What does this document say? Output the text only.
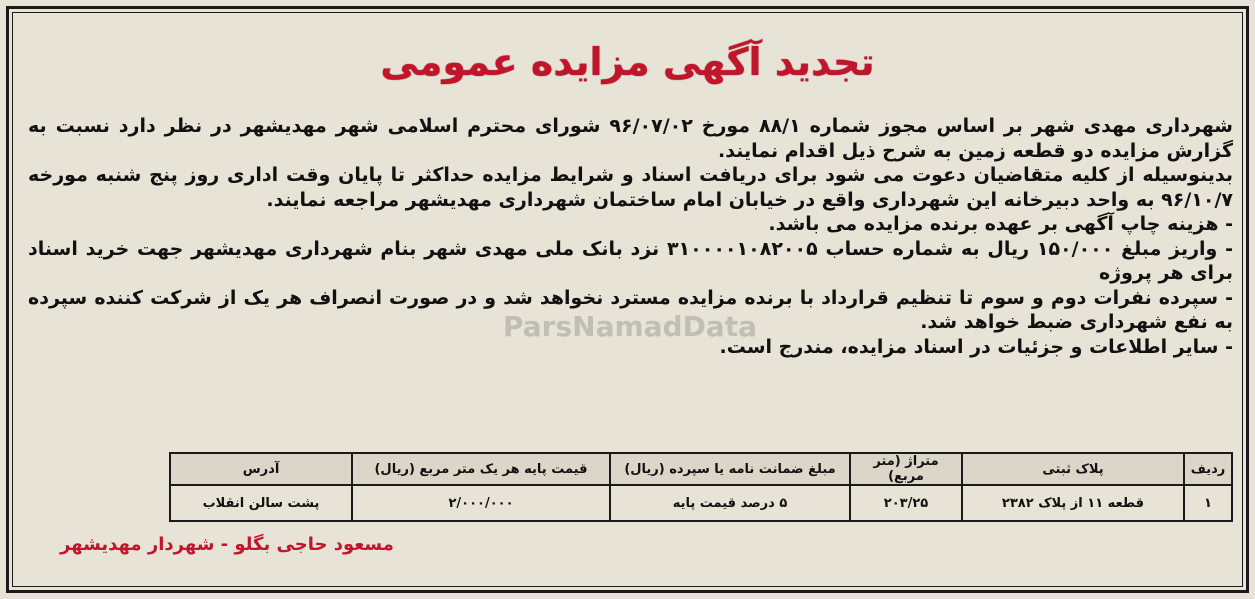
تجدید آگهی مزایده عمومی
ParsNamadData

شهرداری مهدی شهر بر اساس مجوز شماره ۸۸/۱ مورخ ۹۶/۰۷/۰۲ شورای محترم اسلامی شهر مهدیشهر در نظر دارد نسبت به گزارش مزایده دو قطعه زمین به شرح ذیل اقدام نمایند.

بدینوسیله از کلیه متقاضیان دعوت می شود برای دریافت اسناد و شرایط مزایده حداکثر تا پایان وقت اداری روز پنج شنبه مورخه ۹۶/۱۰/۷ به واحد دبیرخانه این شهرداری واقع در خیابان امام ساختمان شهرداری مهدیشهر مراجعه نمایند.

- هزینه چاپ آگهی بر عهده برنده مزایده می باشد.

- واریز مبلغ ۱۵۰/۰۰۰ ریال به شماره حساب ۳۱۰۰۰۰۱۰۸۲۰۰۵ نزد بانک ملی مهدی شهر بنام شهرداری مهدیشهر جهت خرید اسناد برای هر پروژه

- سپرده نفرات دوم و سوم تا تنظیم قرارداد با برنده مزایده مسترد نخواهد شد و در صورت انصراف هر یک از شرکت کننده سپرده به نفع شهرداری ضبط خواهد شد.

- سایر اطلاعات و جزئیات در اسناد مزایده، مندرج است.

ردیف	پلاک ثبتی	متراژ (متر مربع)	مبلغ ضمانت نامه یا سپرده (ریال)	قیمت پایه هر یک متر مربع (ریال)	آدرس
۱	قطعه ۱۱ از پلاک ۲۳۸۲	۲۰۳/۲۵	۵ درصد قیمت پایه	۲/۰۰۰/۰۰۰	پشت سالن انقلاب
مسعود حاجی بگلو - شهردار مهدیشهر
